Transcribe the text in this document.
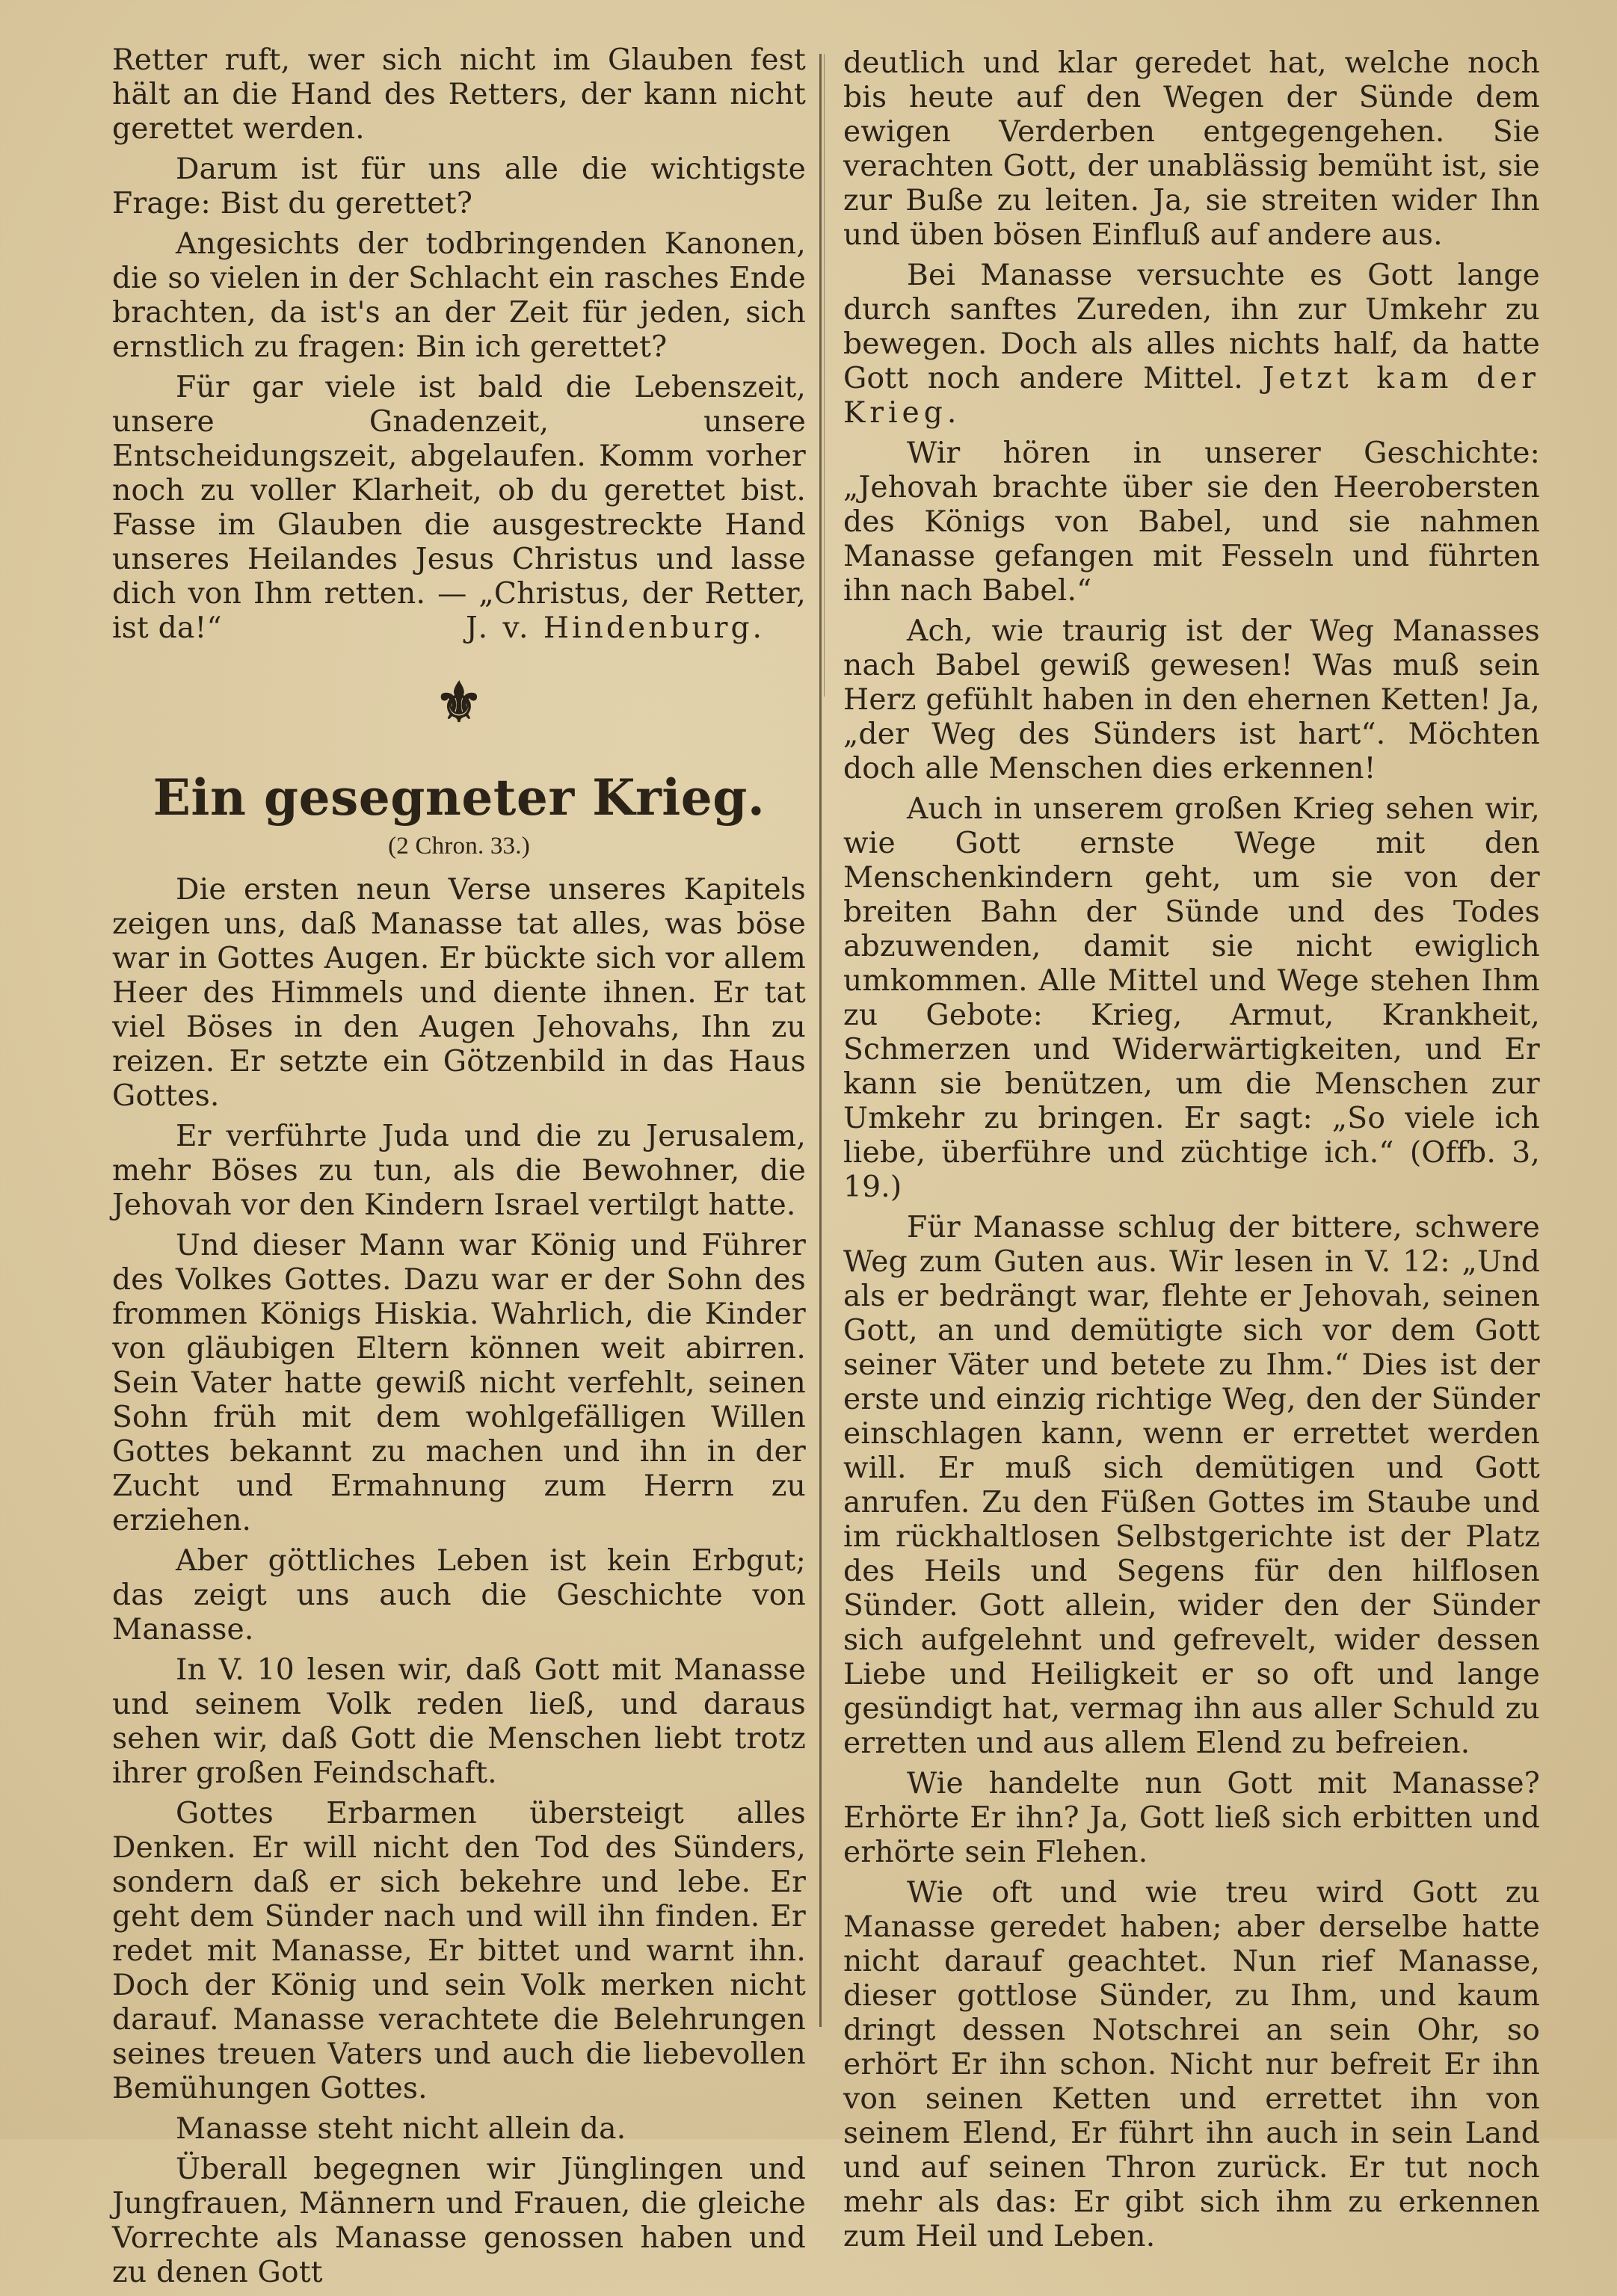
Retter ruft, wer sich nicht im Glauben fest hält an die Hand des Retters, der kann nicht gerettet werden.

Darum ist für uns alle die wichtigste Frage: Bist du gerettet?

Angesichts der todbringenden Kanonen, die so vielen in der Schlacht ein rasches Ende brachten, da ist's an der Zeit für jeden, sich ernstlich zu fragen: Bin ich gerettet?

Für gar viele ist bald die Lebenszeit, unsere Gnadenzeit, unsere Entscheidungszeit, abgelaufen. Komm vorher noch zu voller Klarheit, ob du gerettet bist. Fasse im Glauben die ausgestreckte Hand unseres Heilandes Jesus Christus und lasse dich von Ihm retten. — „Christus, der Retter, ist da!“	J. v. Hindenburg.
⚜
Ein gesegneter Krieg.
(2 Chron. 33.)

Die ersten neun Verse unseres Kapitels zeigen uns, daß Manasse tat alles, was böse war in Gottes Augen. Er bückte sich vor allem Heer des Himmels und diente ihnen. Er tat viel Böses in den Augen Jehovahs, Ihn zu reizen. Er setzte ein Götzenbild in das Haus Gottes.

Er verführte Juda und die zu Jerusalem, mehr Böses zu tun, als die Bewohner, die Jehovah vor den Kindern Israel vertilgt hatte.

Und dieser Mann war König und Führer des Volkes Gottes. Dazu war er der Sohn des frommen Königs Hiskia. Wahrlich, die Kinder von gläubigen Eltern können weit abirren. Sein Vater hatte gewiß nicht verfehlt, seinen Sohn früh mit dem wohlgefälligen Willen Gottes bekannt zu machen und ihn in der Zucht und Ermahnung zum Herrn zu erziehen.

Aber göttliches Leben ist kein Erbgut; das zeigt uns auch die Geschichte von Manasse.

In V. 10 lesen wir, daß Gott mit Manasse und seinem Volk reden ließ, und daraus sehen wir, daß Gott die Menschen liebt trotz ihrer großen Feindschaft.

Gottes Erbarmen übersteigt alles Denken. Er will nicht den Tod des Sünders, sondern daß er sich bekehre und lebe. Er geht dem Sünder nach und will ihn finden. Er redet mit Manasse, Er bittet und warnt ihn. Doch der König und sein Volk merken nicht darauf. Manasse verachtete die Belehrungen seines treuen Vaters und auch die liebevollen Bemühungen Gottes.

Manasse steht nicht allein da.

Überall begegnen wir Jünglingen und Jungfrauen, Männern und Frauen, die gleiche Vorrechte als Manasse genossen haben und zu denen Gott

deutlich und klar geredet hat, welche noch bis heute auf den Wegen der Sünde dem ewigen Verderben entgegengehen. Sie verachten Gott, der unablässig bemüht ist, sie zur Buße zu leiten. Ja, sie streiten wider Ihn und üben bösen Einfluß auf andere aus.

Bei Manasse versuchte es Gott lange durch sanftes Zureden, ihn zur Umkehr zu bewegen. Doch als alles nichts half, da hatte Gott noch andere Mittel. Jetzt kam der Krieg.

Wir hören in unserer Geschichte: „Jehovah brachte über sie den Heerobersten des Königs von Babel, und sie nahmen Manasse gefangen mit Fesseln und führten ihn nach Babel.“

Ach, wie traurig ist der Weg Manasses nach Babel gewiß gewesen! Was muß sein Herz gefühlt haben in den ehernen Ketten! Ja, „der Weg des Sünders ist hart“. Möchten doch alle Menschen dies erkennen!

Auch in unserem großen Krieg sehen wir, wie Gott ernste Wege mit den Menschenkindern geht, um sie von der breiten Bahn der Sünde und des Todes abzuwenden, damit sie nicht ewiglich umkommen. Alle Mittel und Wege stehen Ihm zu Gebote: Krieg, Armut, Krankheit, Schmerzen und Widerwärtigkeiten, und Er kann sie benützen, um die Menschen zur Umkehr zu bringen. Er sagt: „So viele ich liebe, überführe und züchtige ich.“ (Offb. 3, 19.)

Für Manasse schlug der bittere, schwere Weg zum Guten aus. Wir lesen in V. 12: „Und als er bedrängt war, flehte er Jehovah, seinen Gott, an und demütigte sich vor dem Gott seiner Väter und betete zu Ihm.“ Dies ist der erste und einzig richtige Weg, den der Sünder einschlagen kann, wenn er errettet werden will. Er muß sich demütigen und Gott anrufen. Zu den Füßen Gottes im Staube und im rückhaltlosen Selbstgerichte ist der Platz des Heils und Segens für den hilflosen Sünder. Gott allein, wider den der Sünder sich aufgelehnt und gefrevelt, wider dessen Liebe und Heiligkeit er so oft und lange gesündigt hat, vermag ihn aus aller Schuld zu erretten und aus allem Elend zu befreien.

Wie handelte nun Gott mit Manasse? Erhörte Er ihn? Ja, Gott ließ sich erbitten und erhörte sein Flehen.

Wie oft und wie treu wird Gott zu Manasse geredet haben; aber derselbe hatte nicht darauf geachtet. Nun rief Manasse, dieser gottlose Sünder, zu Ihm, und kaum dringt dessen Notschrei an sein Ohr, so erhört Er ihn schon. Nicht nur befreit Er ihn von seinen Ketten und errettet ihn von seinem Elend, Er führt ihn auch in sein Land und auf seinen Thron zurück. Er tut noch mehr als das: Er gibt sich ihm zu erkennen zum Heil und Leben.
